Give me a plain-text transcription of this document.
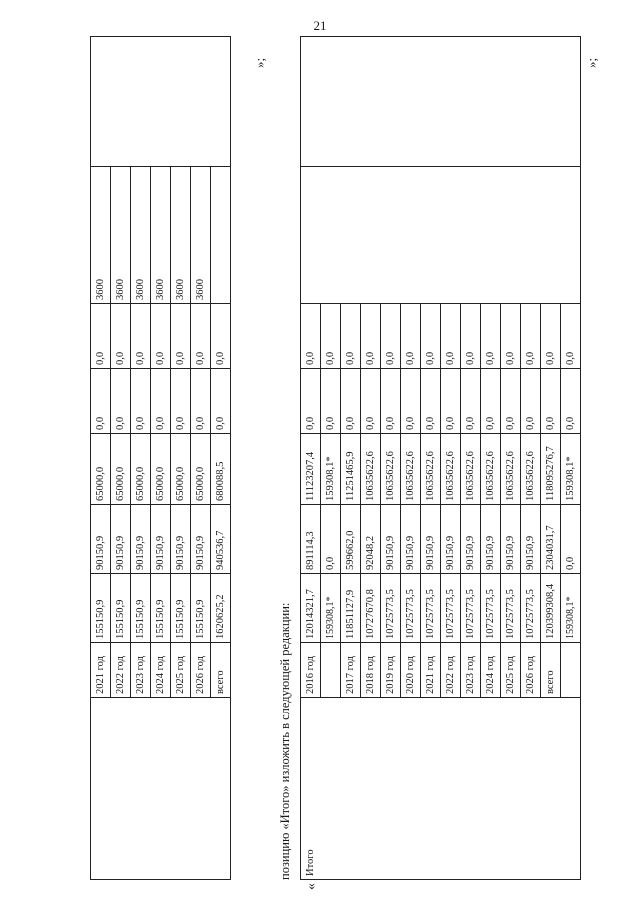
21
	2021 год	155150,9	90150,9	65000,0	0,0	0,0	3600	
	2022 год	155150,9	90150,9	65000,0	0,0	0,0	3600	
	2023 год	155150,9	90150,9	65000,0	0,0	0,0	3600	
	2024 год	155150,9	90150,9	65000,0	0,0	0,0	3600	
	2025 год	155150,9	90150,9	65000,0	0,0	0,0	3600	
	2026 год	155150,9	90150,9	65000,0	0,0	0,0	3600	
	всего	1620625,2	940536,7	680088,5	0,0	0,0		
»;
позицию «Итого» изложить в следующей редакции:
«
Итого	2016 год	12014321,7	891114,3	11123207,4	0,0	0,0		
		159308,1*	0,0	159308,1*	0,0	0,0		
	2017 год	11851127,9	599662,0	11251465,9	0,0	0,0		
	2018 год	10727670,8	92048,2	10635622,6	0,0	0,0		
	2019 год	10725773,5	90150,9	10635622,6	0,0	0,0		
	2020 год	10725773,5	90150,9	10635622,6	0,0	0,0		
	2021 год	10725773,5	90150,9	10635622,6	0,0	0,0		
	2022 год	10725773,5	90150,9	10635622,6	0,0	0,0		
	2023 год	10725773,5	90150,9	10635622,6	0,0	0,0		
	2024 год	10725773,5	90150,9	10635622,6	0,0	0,0		
	2025 год	10725773,5	90150,9	10635622,6	0,0	0,0		
	2026 год	10725773,5	90150,9	10635622,6	0,0	0,0		
	всего	120399308,4	2304031,7	118095276,7	0,0	0,0		
		159308,1*	0,0	159308,1*	0,0	0,0		
»;
